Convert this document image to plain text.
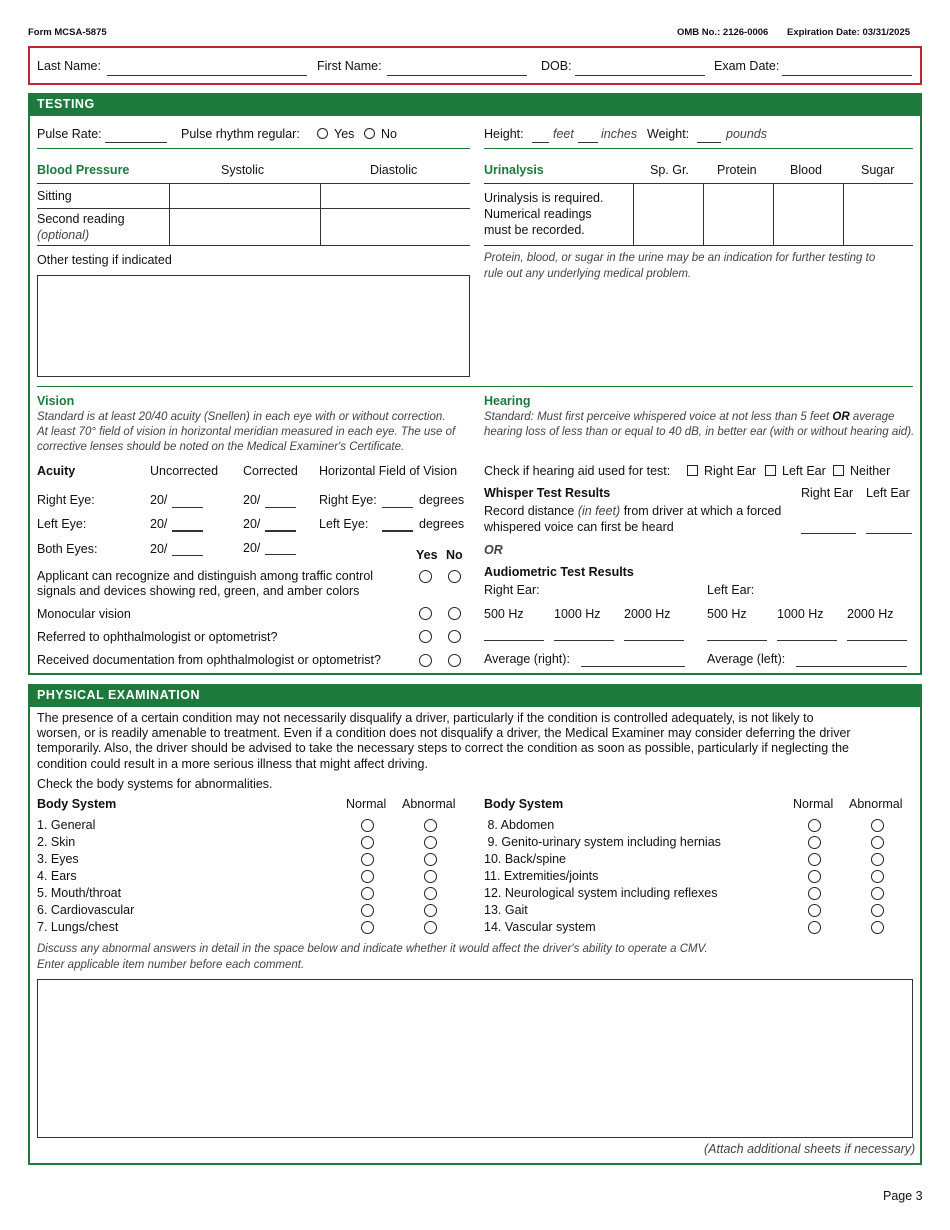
Form MCSA-5875	OMB No.: 2126-0006 Expiration Date: 03/31/2025
Last Name:	First Name:	DOB:	Exam Date:
TESTING
Pulse Rate:	Pulse rhythm regular:	Yes No	Height: feet inches Weight:	pounds
Blood Pressure	Systolic	Diastolic
Sitting
Second reading
(optional)
Urinalysis	Sp. Gr. Protein	Blood	Sugar
Urinalysis is required.
Numerical readings
must be recorded.
Protein, blood, or sugar in the urine may be an indication for further testing to
rule out any underlying medical problem.
Other testing if indicated
Vision
Standard is at least 20/40 acuity (Snellen) in each eye with or without correction.
At least 70° field of vision in horizontal meridian measured in each eye. The use of
corrective lenses should be noted on the Medical Examiner's Certificate.
Acuity	Uncorrected Corrected Horizontal Field of Vision
Right Eye:	20/	20/	Right Eye:	degrees
Left Eye:	20/	20/	Left Eye:	degrees
Both Eyes:	20/	20/	Yes No
Applicant can recognize and distinguish among traffic control
signals and devices showing red, green, and amber colors
Monocular vision
Referred to ophthalmologist or optometrist?
Received documentation from ophthalmologist or optometrist?
Hearing
Standard: Must first perceive whispered voice at not less than 5 feet OR average
hearing loss of less than or equal to 40 dB, in better ear (with or without hearing aid).
Check if hearing aid used for test:	Right Ear Left Ear Neither
Whisper Test Results	Right Ear Left Ear
Record distance (in feet) from driver at which a forced
whispered voice can first be heard
OR
Audiometric Test Results
Right Ear:	Left Ear:
500 Hz 1000 Hz 2000 Hz	500 Hz 1000 Hz 2000 Hz
Average (right):	Average (left):
PHYSICAL EXAMINATION
The presence of a certain condition may not necessarily disqualify a driver, particularly if the condition is controlled adequately, is not likely to
worsen, or is readily amenable to treatment. Even if a condition does not disqualify a driver, the Medical Examiner may consider deferring the driver
temporarily. Also, the driver should be advised to take the necessary steps to correct the condition as soon as possible, particularly if neglecting the
condition could result in a more serious illness that might affect driving.
Check the body systems for abnormalities.
Body System	Normal Abnormal Body System	Normal Abnormal
1. General
2. Skin
3. Eyes
4. Ears
5. Mouth/throat
6. Cardiovascular
7. Lungs/chest
8. Abdomen
9. Genito-urinary system including hernias
10. Back/spine
11. Extremities/joints
12. Neurological system including reflexes
13. Gait
14. Vascular system
Discuss any abnormal answers in detail in the space below and indicate whether it would affect the driver's ability to operate a CMV.
Enter applicable item number before each comment.
(Attach additional sheets if necessary)
Page 3
